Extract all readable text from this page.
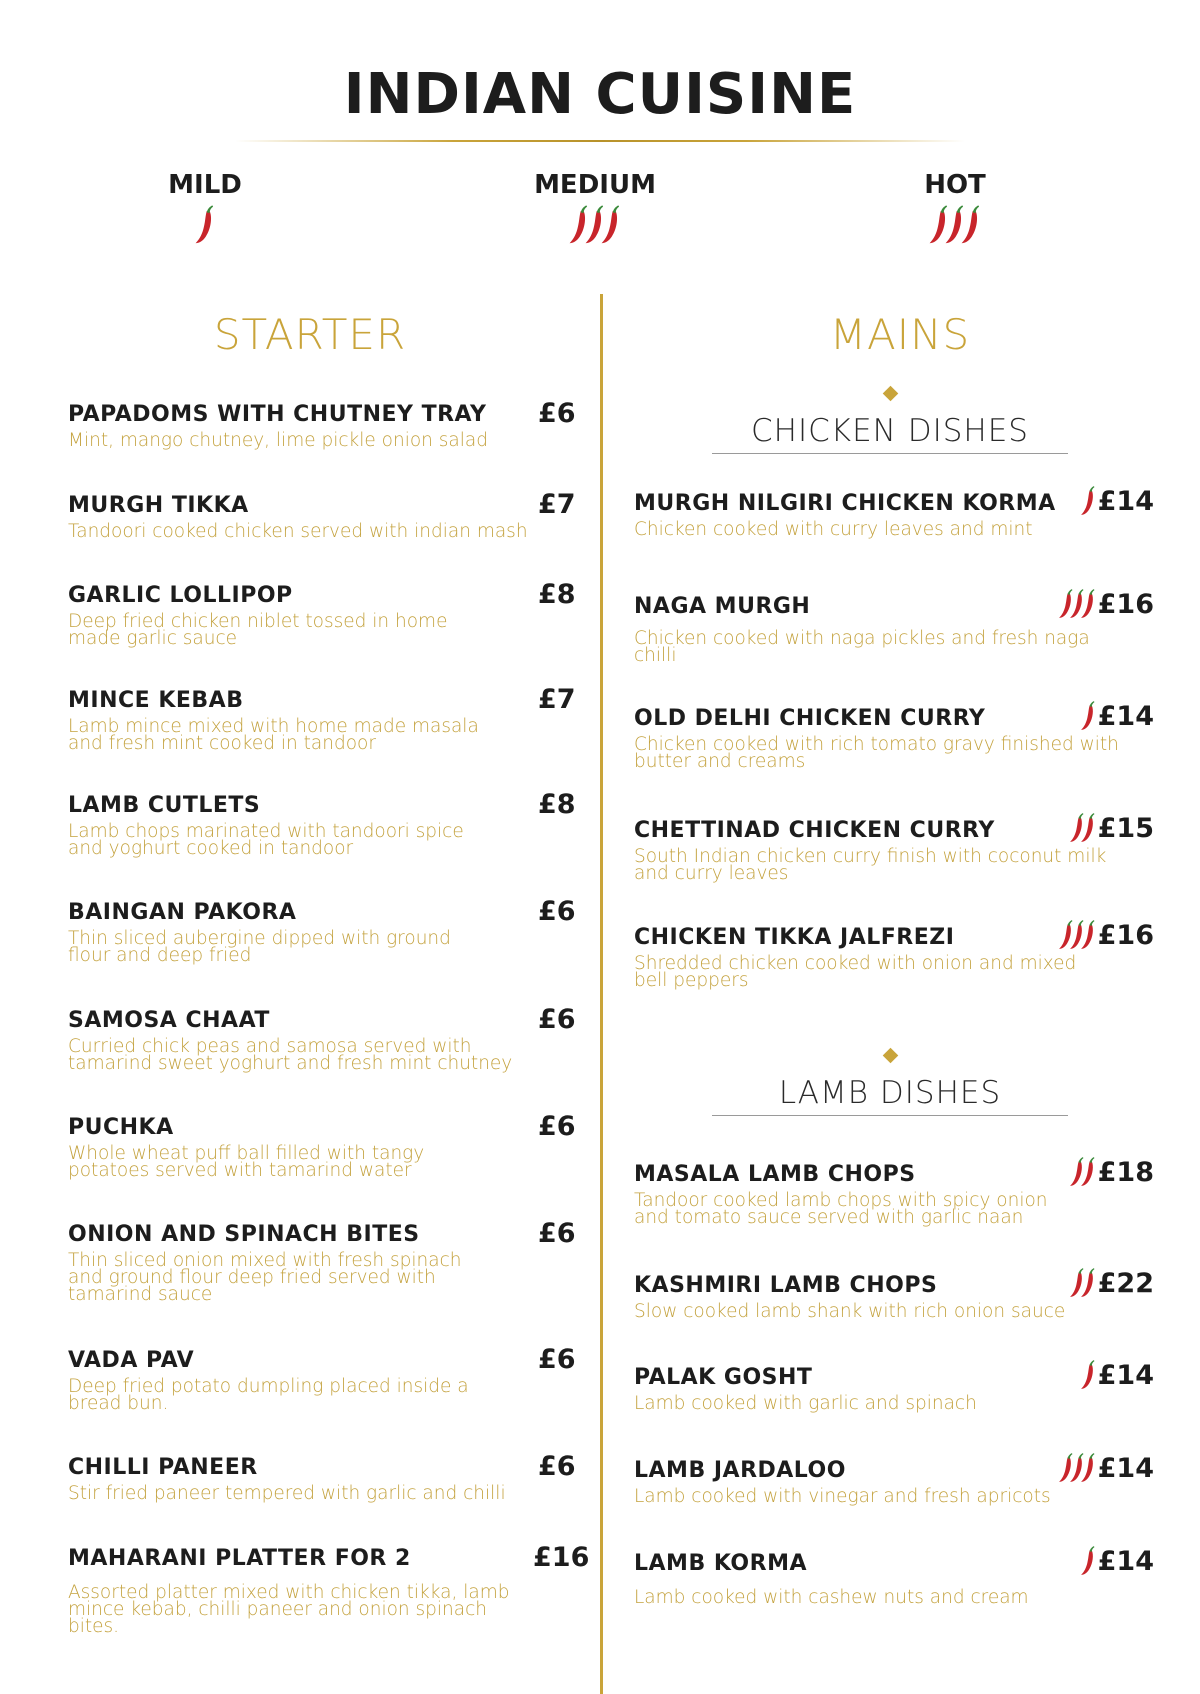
INDIAN CUISINE
MILD	MEDIUM	HOT
STARTER	MAINS
PAPADOMS WITH CHUTNEY TRAY
Mint, mango chutney, lime pickle onion salad
£6
MURGH TIKKA
Tandoori cooked chicken served with indian mash
£7
GARLIC LOLLIPOP
Deep fried chicken niblet tossed in home made garlic sauce
£8
MINCE KEBAB
Lamb mince mixed with home made masala and fresh mint cooked in tandoor
£7
LAMB CUTLETS
Lamb chops marinated with tandoori spice and yoghurt cooked in tandoor
£8
BAINGAN PAKORA
Thin sliced aubergine dipped with ground flour and deep fried
£6
SAMOSA CHAAT
Curried chick peas and samosa served with tamarind sweet yoghurt and fresh mint chutney
£6
PUCHKA
Whole wheat puff ball filled with tangy potatoes served with tamarind water
£6
ONION AND SPINACH BITES
Thin sliced onion mixed with fresh spinach and ground flour deep fried served with tamarind sauce
£6
VADA PAV
Deep fried potato dumpling placed inside a bread bun.
£6
CHILLI PANEER
Stir fried paneer tempered with garlic and chilli
£6
MAHARANI PLATTER FOR 2
Assorted platter mixed with chicken tikka, lamb mince kebab, chilli paneer and onion spinach bites.
£16
CHICKEN DISHES
MURGH NILGIRI CHICKEN KORMA
Chicken cooked with curry leaves and mint
£14
NAGA MURGH
Chicken cooked with naga pickles and fresh naga chilli
£16
OLD DELHI CHICKEN CURRY
Chicken cooked with rich tomato gravy finished with butter and creams
£14
CHETTINAD CHICKEN CURRY
South Indian chicken curry finish with coconut milk and curry leaves
£15
CHICKEN TIKKA JALFREZI
Shredded chicken cooked with onion and mixed bell peppers
£16
LAMB DISHES
MASALA LAMB CHOPS
Tandoor cooked lamb chops with spicy onion and tomato sauce served with garlic naan
£18
KASHMIRI LAMB CHOPS
Slow cooked lamb shank with rich onion sauce
£22
PALAK GOSHT
Lamb cooked with garlic and spinach
£14
LAMB JARDALOO
Lamb cooked with vinegar and fresh apricots
£14
LAMB KORMA
Lamb cooked with cashew nuts and cream
£14
